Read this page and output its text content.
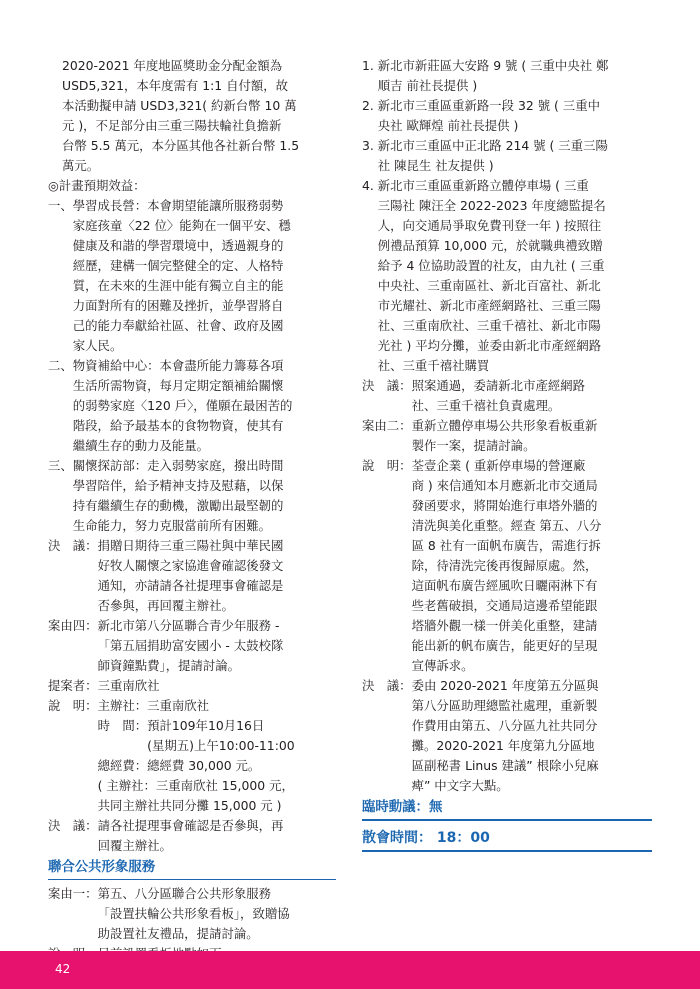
2020-2021 年度地區獎助金分配金額為

USD5,321，本年度需有 1:1 自付額，故

本活動擬申請 USD3,321( 約新台幣 10 萬

元 )，不足部分由三重三陽扶輪社負擔新

台幣 5.5 萬元，本分區其他各社新台幣 1.5

萬元。

◎計畫預期效益：

一、 學習成長營：本會期望能讓所服務弱勢

家庭孩童〈22 位〉能夠在一個平安、穩

健康及和諧的學習環境中，透過親身的

經歷，建構一個完整健全的定、人格特

質，在未來的生涯中能有獨立自主的能

力面對所有的困難及挫折，並學習將自

己的能力奉獻給社區、社會、政府及國

家人民。

二、 物資補給中心：本會盡所能力籌募各項

生活所需物資，每月定期定額補給關懷

的弱勢家庭〈120 戶〉，僅願在最困苦的

階段，給予最基本的食物物資，使其有

繼續生存的動力及能量。

三、 關懷探訪部：走入弱勢家庭，撥出時間

學習陪伴，給予精神支持及慰藉，以保

持有繼續生存的動機，激勵出最堅韌的

生命能力，努力克服當前所有困難。

決　議： 捐贈日期待三重三陽社與中華民國

好牧人關懷之家協進會確認後發文

通知，亦請請各社提理事會確認是

否參與，再回覆主辦社。

案由四： 新北市第八分區聯合青少年服務 -

「第五屆捐助富安國小 - 太鼓校隊

師資鐘點費」，提請討論。

提案者： 三重南欣社
說　明： 主辦社：三重南欣社

時　間：預計109年10月16日

　　　　(星期五)上午10:00-11:00

總經費：總經費 30,000 元。

( 主辦社：三重南欣社 15,000 元，

共同主辦社共同分攤 15,000 元 )

決　議： 請各社提理事會確認是否參與，再

回覆主辦社。

聯合公共形象服務
案由一： 第五、八分區聯合公共形象服務

「設置扶輪公共形象看板」，致贈協

助設置社友禮品，提請討論。

1. 新北市新莊區大安路 9 號 ( 三重中央社 鄭

順吉 前社長提供 )

2. 新北市三重區重新路一段 32 號 ( 三重中

央社 歐輝煌 前社長提供 )

3. 新北市三重區中正北路 214 號 ( 三重三陽

社 陳昆生 社友提供 )

4. 新北市三重區重新路立體停車場 ( 三重

三陽社 陳汪全 2022-2023 年度總監提名

人，向交通局爭取免費刊登一年 ) 按照往

例禮品預算 10,000 元，於就職典禮致贈

給予 4 位協助設置的社友，由九社 ( 三重

中央社、三重南區社、新北百富社、新北

市光耀社、新北市產經網路社、三重三陽

社、三重南欣社、三重千禧社、新北市陽

光社 ) 平均分攤，並委由新北市產經網路

社、三重千禧社購買

決　議： 照案通過，委請新北市產經網路

社、三重千禧社負責處理。

案由二： 重新立體停車場公共形象看板重新

製作一案，提請討論。

說　明： 荃壹企業 ( 重新停車場的營運廠

商 ) 來信通知本月應新北市交通局

發函要求，將開始進行車塔外牆的

清洗與美化重整。經查 第五、八分

區 8 社有一面帆布廣告，需進行拆

除，待清洗完後再復歸原處。然，

這面帆布廣告經風吹日曬兩淋下有

些老舊破損，交通局這邊希望能跟

塔牆外觀一樣一併美化重整，建請

能出新的帆布廣告，能更好的呈現

宣傳訴求。

決　議： 委由 2020-2021 年度第五分區與

第八分區助理總監社處理，重新製

作費用由第五、八分區九社共同分

攤。2020-2021 年度第九分區地

區副秘書 Linus 建議” 根除小兒麻

痺” 中文字大點。

臨時動議：無
散會時間： 18：00
42
